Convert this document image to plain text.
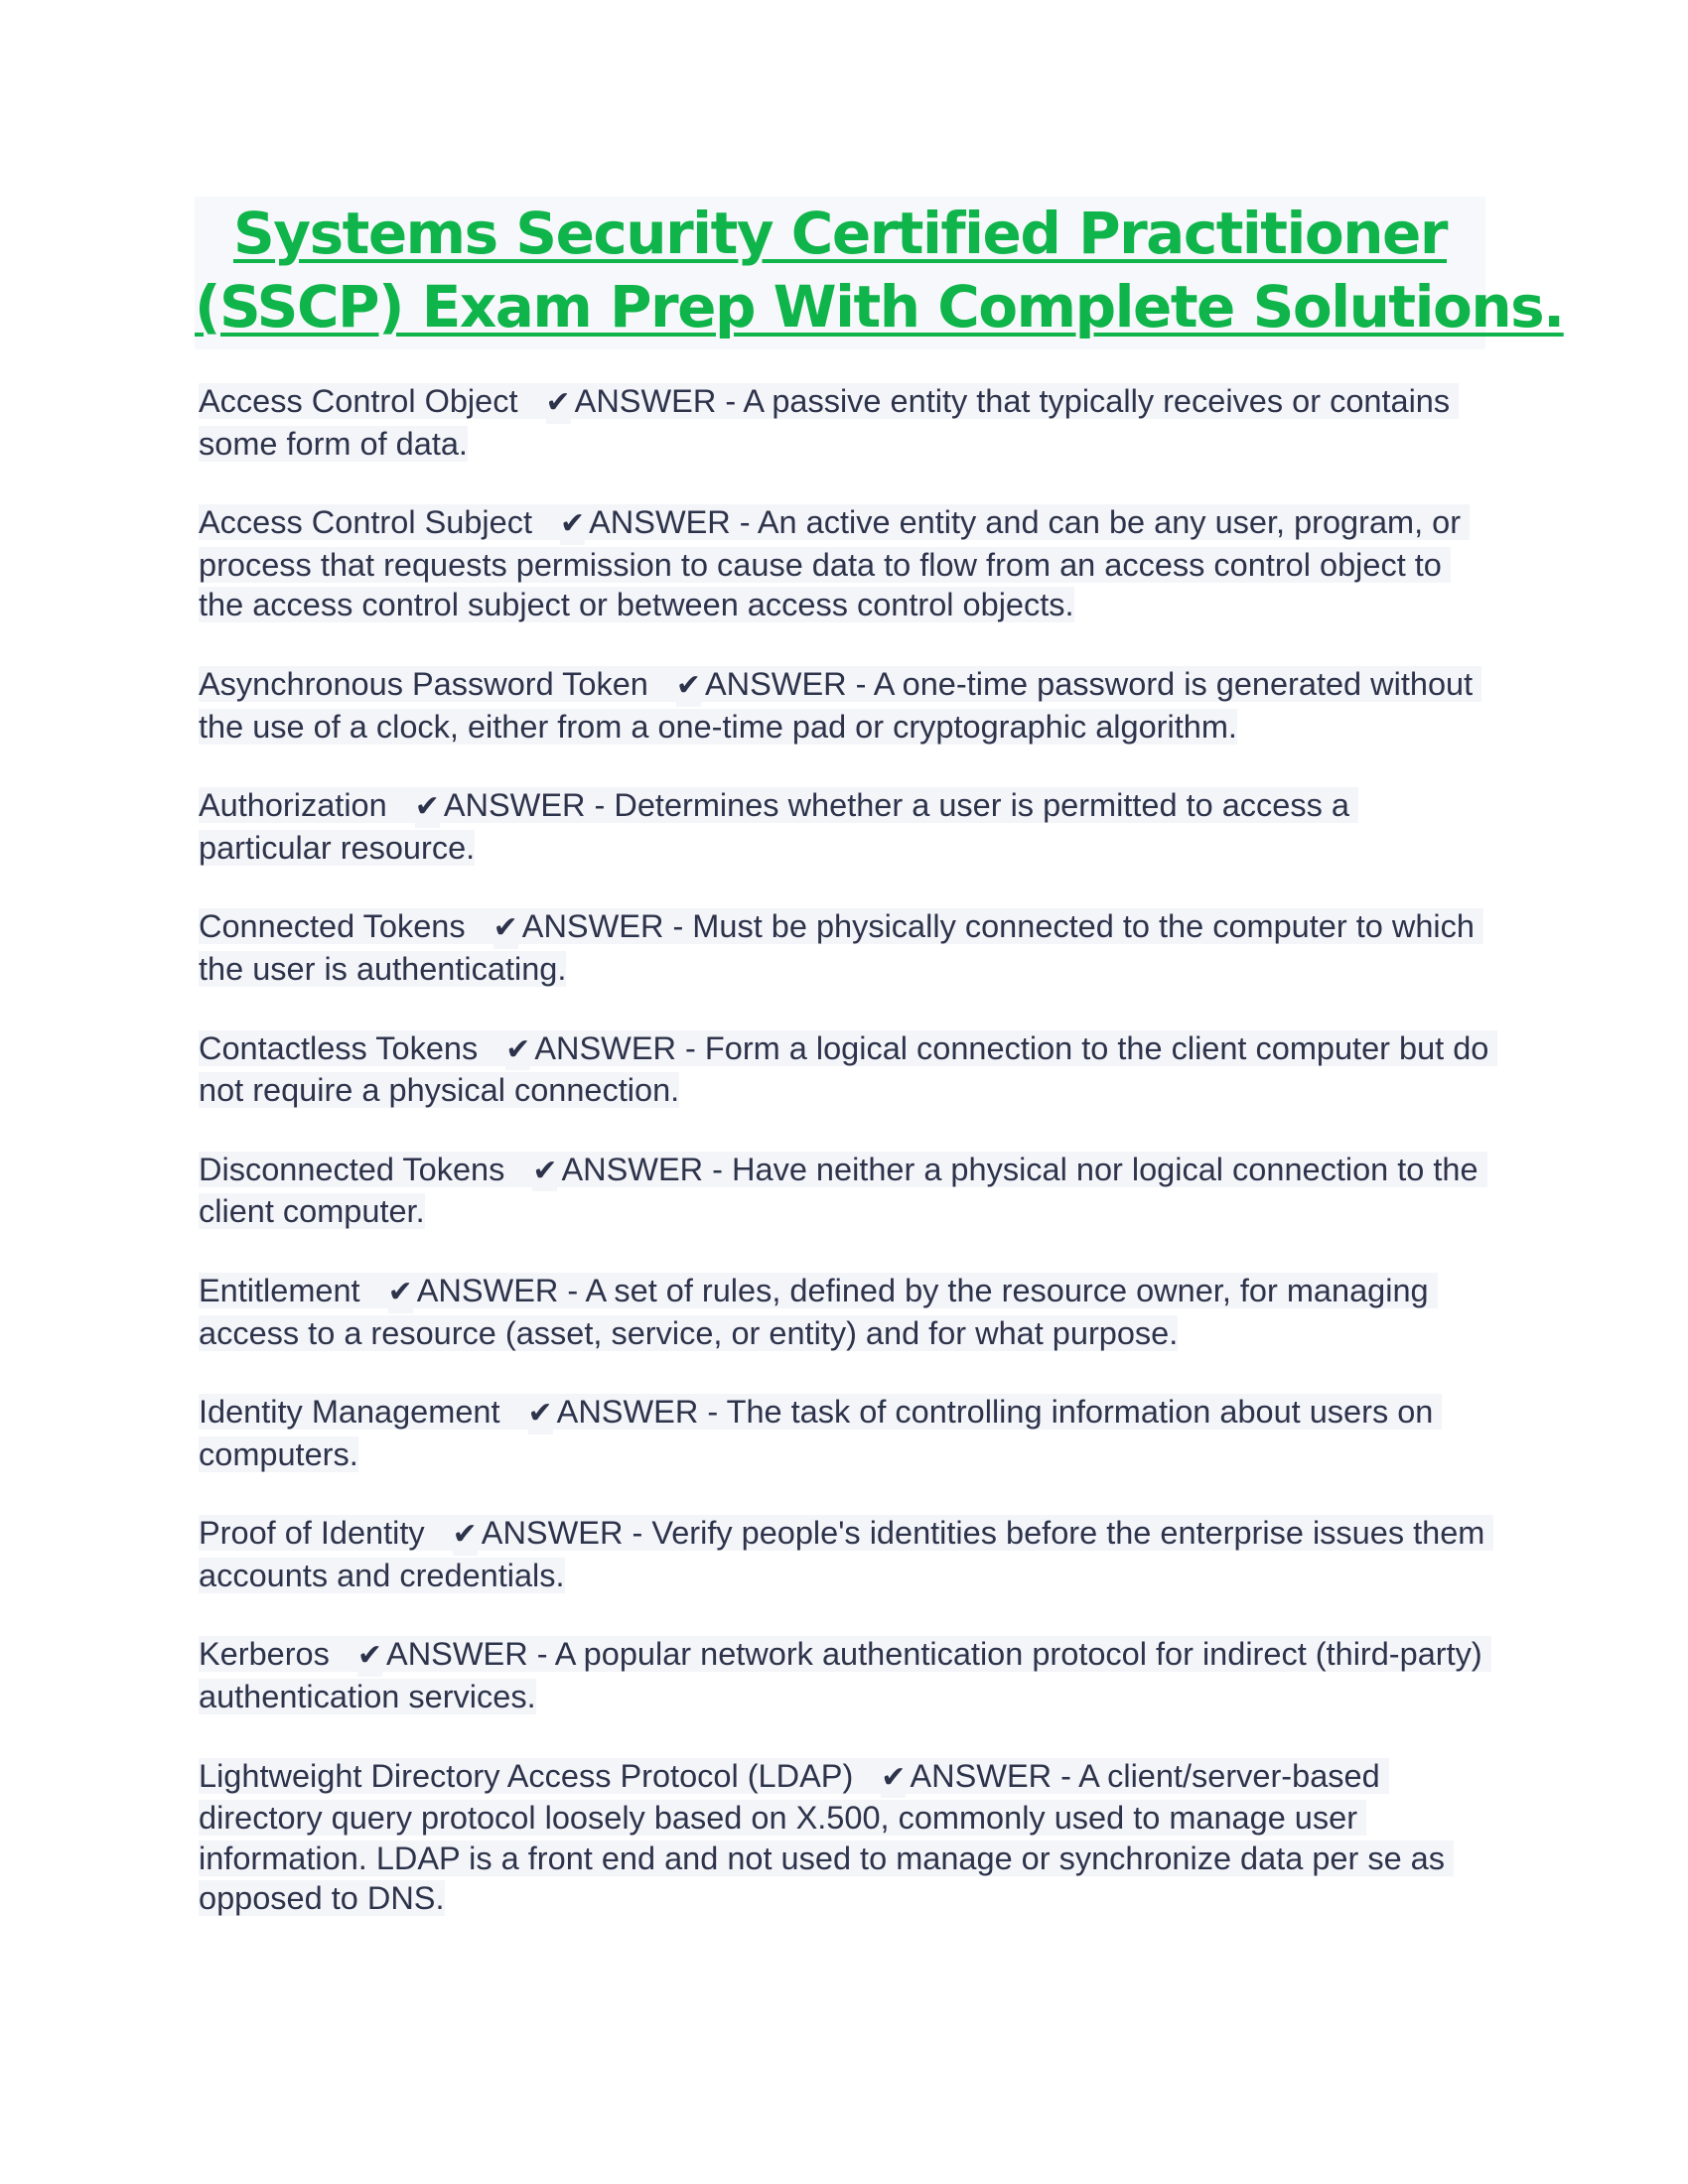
Systems Security Certified Practitioner
(SSCP) Exam Prep With Complete Solutions.

Access Control Object ✔ ANSWER - A passive entity that typically receives or contains some form of data.

Access Control Subject ✔ ANSWER - An active entity and can be any user, program, or process that requests permission to cause data to flow from an access control object to the access control subject or between access control objects.

Asynchronous Password Token ✔ ANSWER - A one-time password is generated without the use of a clock, either from a one-time pad or cryptographic algorithm.

Authorization ✔ ANSWER - Determines whether a user is permitted to access a particular resource.

Connected Tokens ✔ ANSWER - Must be physically connected to the computer to which the user is authenticating.

Contactless Tokens ✔ ANSWER - Form a logical connection to the client computer but do not require a physical connection.

Disconnected Tokens ✔ ANSWER - Have neither a physical nor logical connection to the client computer.

Entitlement ✔ ANSWER - A set of rules, defined by the resource owner, for managing access to a resource (asset, service, or entity) and for what purpose.

Identity Management ✔ ANSWER - The task of controlling information about users on computers.

Proof of Identity ✔ ANSWER - Verify people's identities before the enterprise issues them accounts and credentials.

Kerberos ✔ ANSWER - A popular network authentication protocol for indirect (third-party) authentication services.

Lightweight Directory Access Protocol (LDAP) ✔ ANSWER - A client/server-based directory query protocol loosely based on X.500, commonly used to manage user information. LDAP is a front end and not used to manage or synchronize data per se as opposed to DNS.
